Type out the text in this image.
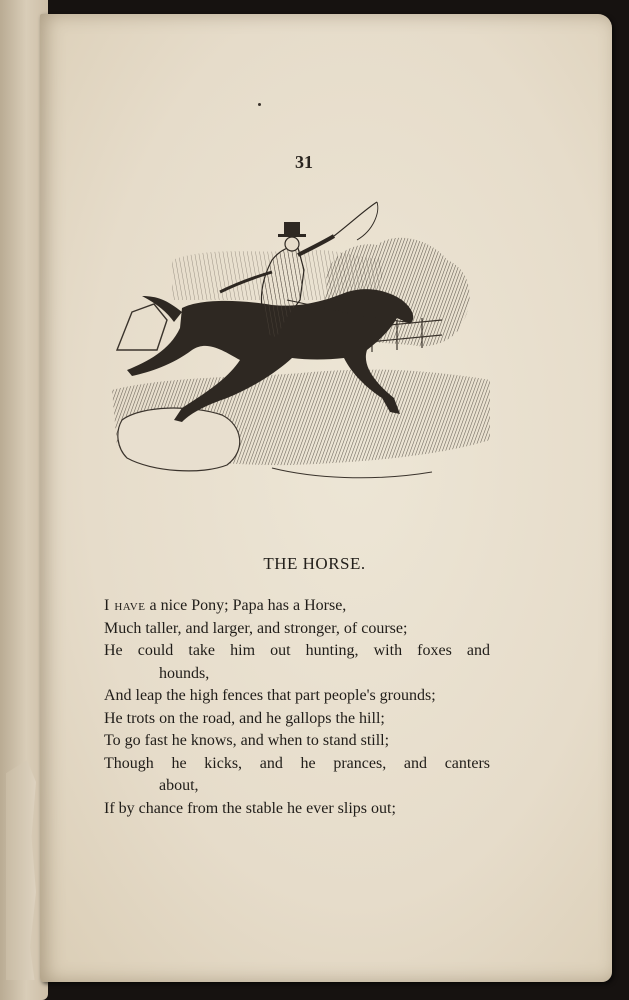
31
THE HORSE.
I have a nice Pony; Papa has a Horse,
Much taller, and larger, and stronger, of course;
He could take him out hunting, with foxes and
hounds,
And leap the high fences that part people's grounds;
He trots on the road, and he gallops the hill;
To go fast he knows, and when to stand still;
Though he kicks, and he prances, and canters
about,
If by chance from the stable he ever slips out;
